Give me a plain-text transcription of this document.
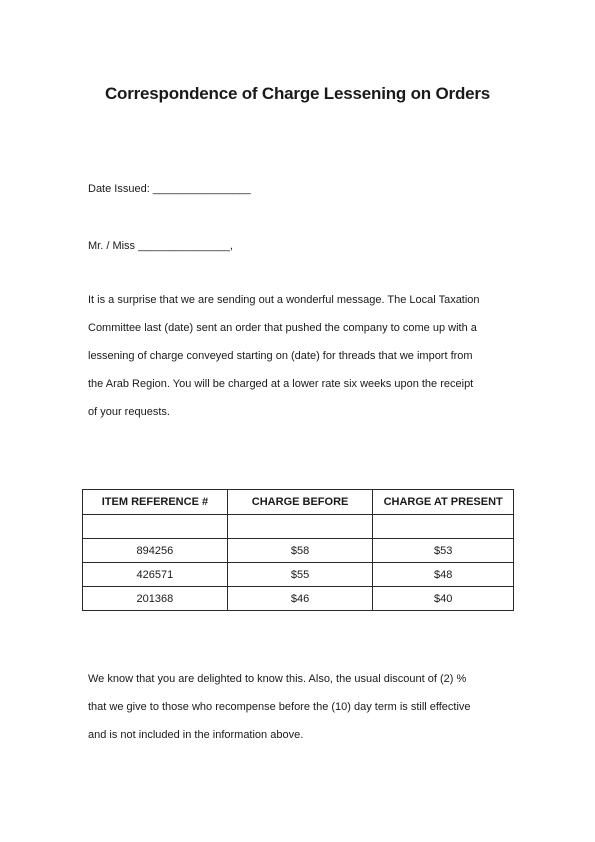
Correspondence of Charge Lessening on Orders
Date Issued: ________________
Mr. / Miss _______________,
It is a surprise that we are sending out a wonderful message. The Local Taxation
Committee last (date) sent an order that pushed the company to come up with a
lessening of charge conveyed starting on (date) for threads that we import from
the Arab Region. You will be charged at a lower rate six weeks upon the receipt
of your requests.
ITEM REFERENCE #	CHARGE BEFORE	CHARGE AT PRESENT

894256	$58	$53
426571	$55	$48
201368	$46	$40
We know that you are delighted to know this. Also, the usual discount of (2) %
that we give to those who recompense before the (10) day term is still effective
and is not included in the information above.
